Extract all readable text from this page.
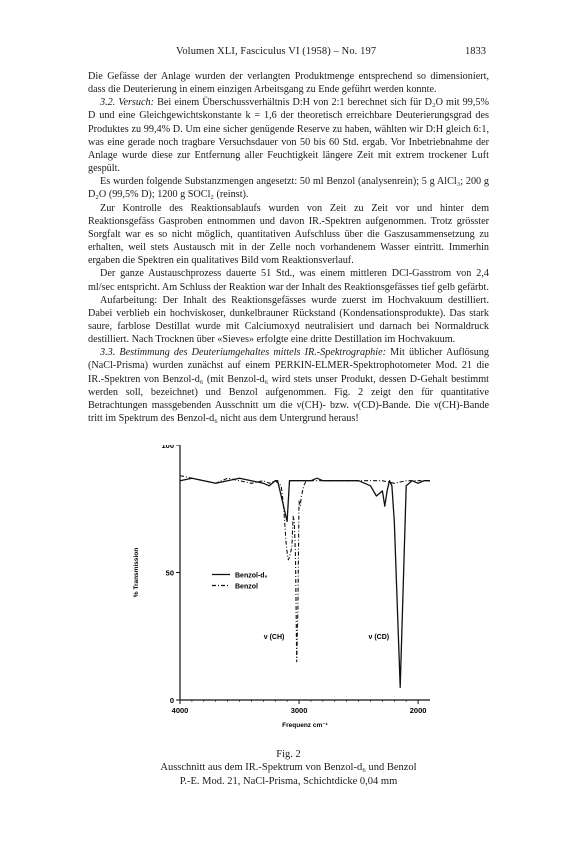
Volumen XLI, Fasciculus VI (1958) – No. 197	1833

Die Gefässe der Anlage wurden der verlangten Produktmenge entsprechend so dimensioniert, dass die Deuterierung in einem einzigen Arbeitsgang zu Ende geführt werden konnte.

3.2. Versuch: Bei einem Überschussverhältnis D:H von 2:1 berechnet sich für D₂O mit 99,5% D und eine Gleichgewichtskonstante k = 1,6 der theoretisch erreichbare Deuterierungsgrad des Produktes zu 99,4% D. Um eine sicher genügende Reserve zu haben, wählten wir D:H gleich 6:1, was eine gerade noch tragbare Versuchsdauer von 50 bis 60 Std. ergab. Vor Inbetriebnahme der Anlage wurde diese zur Entfernung aller Feuchtigkeit längere Zeit mit extrem trockener Luft gespült.

Es wurden folgende Substanzmengen angesetzt: 50 ml Benzol (analysenrein); 5 g AlCl₃; 200 g D₂O (99,5% D); 1200 g SOCl₂ (reinst).

Zur Kontrolle des Reaktionsablaufs wurden von Zeit zu Zeit vor und hinter dem Reaktionsgefäss Gasproben entnommen und davon IR.-Spektren aufgenommen. Trotz grösster Sorgfalt war es so nicht möglich, quantitativen Aufschluss über die Gaszusammensetzung zu erhalten, weil stets Austausch mit in der Zelle noch vorhandenem Wasser eintritt. Immerhin ergaben die Spektren ein qualitatives Bild vom Reaktionsverlauf.

Der ganze Austauschprozess dauerte 51 Std., was einem mittleren DCl-Gasstrom von 2,4 ml/sec entspricht. Am Schluss der Reaktion war der Inhalt des Reaktionsgefässes tief gelb gefärbt.

Aufarbeitung: Der Inhalt des Reaktionsgefässes wurde zuerst im Hochvakuum destilliert. Dabei verblieb ein hochviskoser, dunkelbrauner Rückstand (Kondensationsprodukte). Das stark saure, farblose Destillat wurde mit Calciumoxyd neutralisiert und darnach bei Normaldruck destilliert. Nach Trocknen über «Sieves» erfolgte eine dritte Destillation im Hochvakuum.

3.3. Bestimmung des Deuteriumgehaltes mittels IR.-Spektrographie: Mit üblicher Auflösung (NaCl-Prisma) wurden zunächst auf einem PERKIN-ELMER-Spektrophotometer Mod. 21 die IR.-Spektren von Benzol-d₆ (mit Benzol-d₆ wird stets unser Produkt, dessen D-Gehalt bestimmt werden soll, bezeichnet) und Benzol aufgenommen. Fig. 2 zeigt den für quantitative Betrachtungen massgebenden Ausschnitt um die ν(CH)- bzw. ν(CD)-Bande. Die ν(CH)-Bande tritt im Spektrum des Benzol-d₆ nicht aus dem Untergrund heraus!

100
50
0
4000	3000	2000
Frequenz cm⁻¹
% Transmission	Benzol-d₆
Benzol
ν (CH)	ν (CD)
Fig. 2
Ausschnitt aus dem IR.-Spektrum von Benzol-d₆ und Benzol
P.-E. Mod. 21, NaCl-Prisma, Schichtdicke 0,04 mm
